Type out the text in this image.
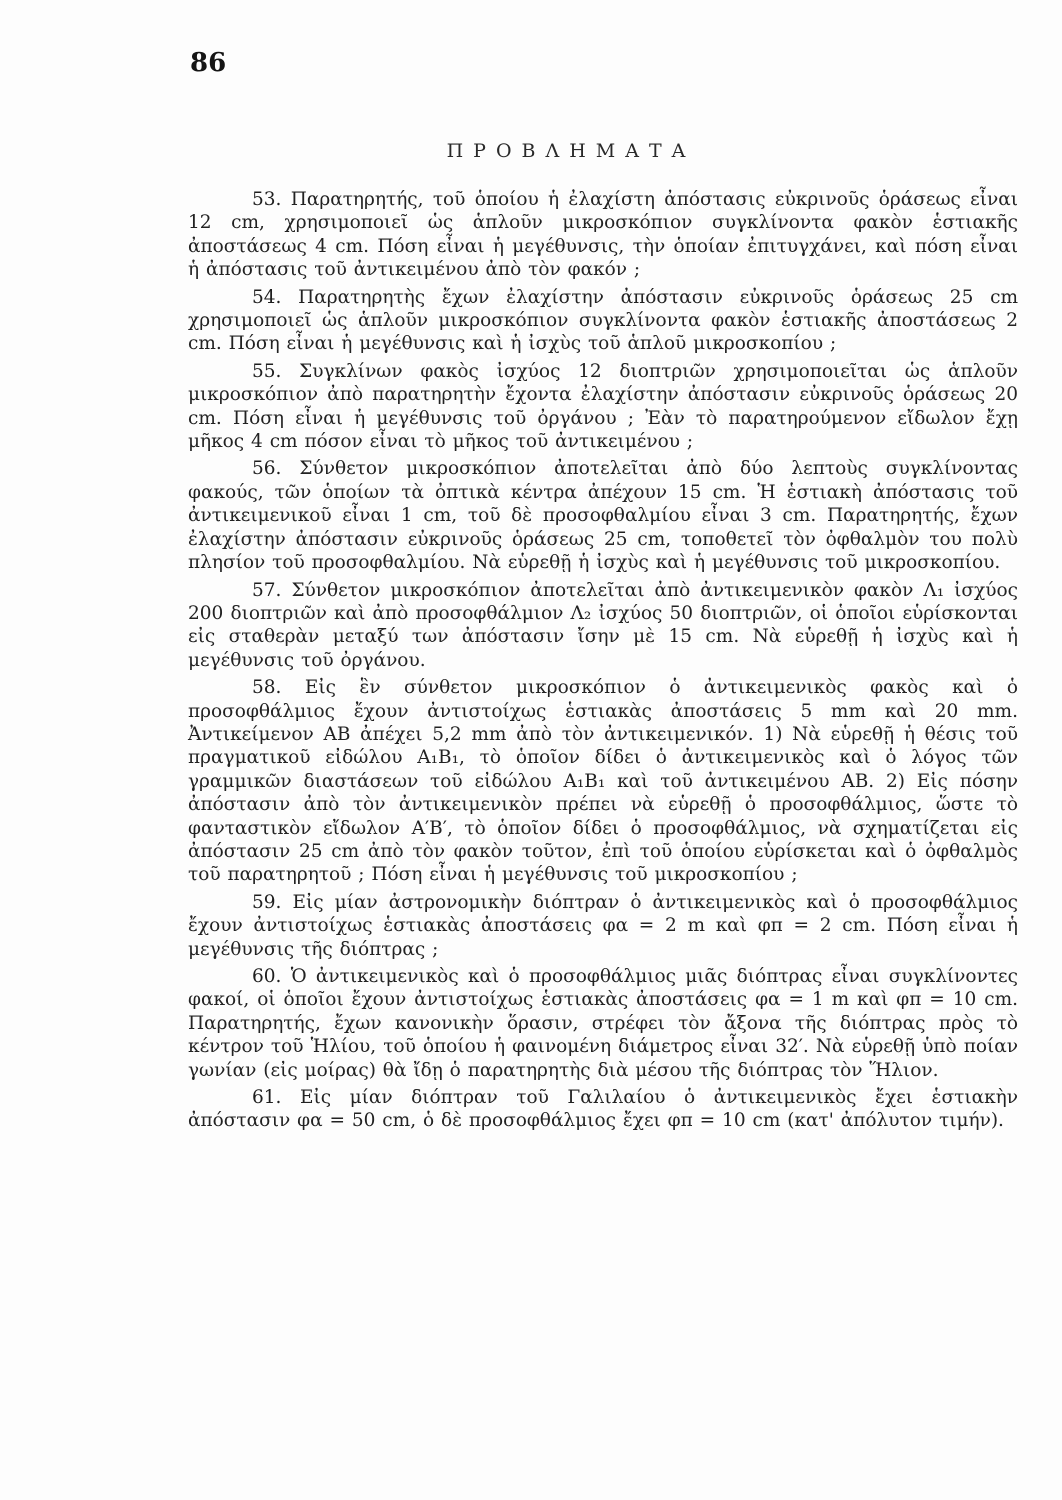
86
ΠΡΟΒΛΗΜΑΤΑ

53. Παρατηρητής, τοῦ ὁποίου ἡ ἐλαχίστη ἀπόστασις εὐκρινοῦς ὁράσεως εἶναι 12 cm, χρησιμοποιεῖ ὡς ἁπλοῦν μικροσκόπιον συγκλίνοντα φακὸν ἑστιακῆς ἀποστάσεως 4 cm. Πόση εἶναι ἡ μεγέθυνσις, τὴν ὁποίαν ἐπιτυγχάνει, καὶ πόση εἶναι ἡ ἀπόστασις τοῦ ἀντικειμένου ἀπὸ τὸν φακόν ;

54. Παρατηρητὴς ἔχων ἐλαχίστην ἀπόστασιν εὐκρινοῦς ὁράσεως 25 cm χρησιμοποιεῖ ὡς ἁπλοῦν μικροσκόπιον συγκλίνοντα φακὸν ἑστιακῆς ἀποστάσεως 2 cm. Πόση εἶναι ἡ μεγέθυνσις καὶ ἡ ἰσχὺς τοῦ ἁπλοῦ μικροσκοπίου ;

55. Συγκλίνων φακὸς ἰσχύος 12 διοπτριῶν χρησιμοποιεῖται ὡς ἁπλοῦν μικροσκόπιον ἀπὸ παρατηρητὴν ἔχοντα ἐλαχίστην ἀπόστασιν εὐκρινοῦς ὁράσεως 20 cm. Πόση εἶναι ἡ μεγέθυνσις τοῦ ὀργάνου ; Ἐὰν τὸ παρατηρούμενον εἴδωλον ἔχῃ μῆκος 4 cm πόσον εἶναι τὸ μῆκος τοῦ ἀντικειμένου ;

56. Σύνθετον μικροσκόπιον ἀποτελεῖται ἀπὸ δύο λεπτοὺς συγκλίνοντας φακούς, τῶν ὁποίων τὰ ὀπτικὰ κέντρα ἀπέχουν 15 cm. Ἡ ἑστιακὴ ἀπόστασις τοῦ ἀντικειμενικοῦ εἶναι 1 cm, τοῦ δὲ προσοφθαλμίου εἶναι 3 cm. Παρατηρητής, ἔχων ἐλαχίστην ἀπόστασιν εὐκρινοῦς ὁράσεως 25 cm, τοποθετεῖ τὸν ὀφθαλμὸν του πολὺ πλησίον τοῦ προσοφθαλμίου. Νὰ εὑρεθῇ ἡ ἰσχὺς καὶ ἡ μεγέθυνσις τοῦ μικροσκοπίου.

57. Σύνθετον μικροσκόπιον ἀποτελεῖται ἀπὸ ἀντικειμενικὸν φακὸν Λ₁ ἰσχύος 200 διοπτριῶν καὶ ἀπὸ προσοφθάλμιον Λ₂ ἰσχύος 50 διοπτριῶν, οἱ ὁποῖοι εὑρίσκονται εἰς σταθερὰν μεταξύ των ἀπόστασιν ἴσην μὲ 15 cm. Νὰ εὑρεθῇ ἡ ἰσχὺς καὶ ἡ μεγέθυνσις τοῦ ὀργάνου.

58. Εἰς ἓν σύνθετον μικροσκόπιον ὁ ἀντικειμενικὸς φακὸς καὶ ὁ προσοφθάλμιος ἔχουν ἀντιστοίχως ἑστιακὰς ἀποστάσεις 5 mm καὶ 20 mm. Ἀντικείμενον ΑΒ ἀπέχει 5,2 mm ἀπὸ τὸν ἀντικειμενικόν. 1) Νὰ εὑρεθῇ ἡ θέσις τοῦ πραγματικοῦ εἰδώλου Α₁Β₁, τὸ ὁποῖον δίδει ὁ ἀντικειμενικὸς καὶ ὁ λόγος τῶν γραμμικῶν διαστάσεων τοῦ εἰδώλου Α₁Β₁ καὶ τοῦ ἀντικειμένου ΑΒ. 2) Εἰς πόσην ἀπόστασιν ἀπὸ τὸν ἀντικειμενικὸν πρέπει νὰ εὑρεθῇ ὁ προσοφθάλμιος, ὥστε τὸ φανταστικὸν εἴδωλον Α′Β′, τὸ ὁποῖον δίδει ὁ προσοφθάλμιος, νὰ σχηματίζεται εἰς ἀπόστασιν 25 cm ἀπὸ τὸν φακὸν τοῦτον, ἐπὶ τοῦ ὁποίου εὑρίσκεται καὶ ὁ ὀφθαλμὸς τοῦ παρατηρητοῦ ; Πόση εἶναι ἡ μεγέθυνσις τοῦ μικροσκοπίου ;

59. Εἰς μίαν ἀστρονομικὴν διόπτραν ὁ ἀντικειμενικὸς καὶ ὁ προσοφθάλμιος ἔχουν ἀντιστοίχως ἑστιακὰς ἀποστάσεις φα = 2 m καὶ φπ = 2 cm. Πόση εἶναι ἡ μεγέθυνσις τῆς διόπτρας ;

60. Ὁ ἀντικειμενικὸς καὶ ὁ προσοφθάλμιος μιᾶς διόπτρας εἶναι συγκλίνοντες φακοί, οἱ ὁποῖοι ἔχουν ἀντιστοίχως ἑστιακὰς ἀποστάσεις φα = 1 m καὶ φπ = 10 cm. Παρατηρητής, ἔχων κανονικὴν ὅρασιν, στρέφει τὸν ἄξονα τῆς διόπτρας πρὸς τὸ κέντρον τοῦ Ἡλίου, τοῦ ὁποίου ἡ φαινομένη διάμετρος εἶναι 32′. Νὰ εὑρεθῇ ὑπὸ ποίαν γωνίαν (εἰς μοίρας) θὰ ἴδῃ ὁ παρατηρητὴς διὰ μέσου τῆς διόπτρας τὸν Ἥλιον.

61. Εἰς μίαν διόπτραν τοῦ Γαλιλαίου ὁ ἀντικειμενικὸς ἔχει ἑστιακὴν ἀπόστασιν φα = 50 cm, ὁ δὲ προσοφθάλμιος ἔχει φπ = 10 cm (κατ' ἀπόλυτον τιμήν).
